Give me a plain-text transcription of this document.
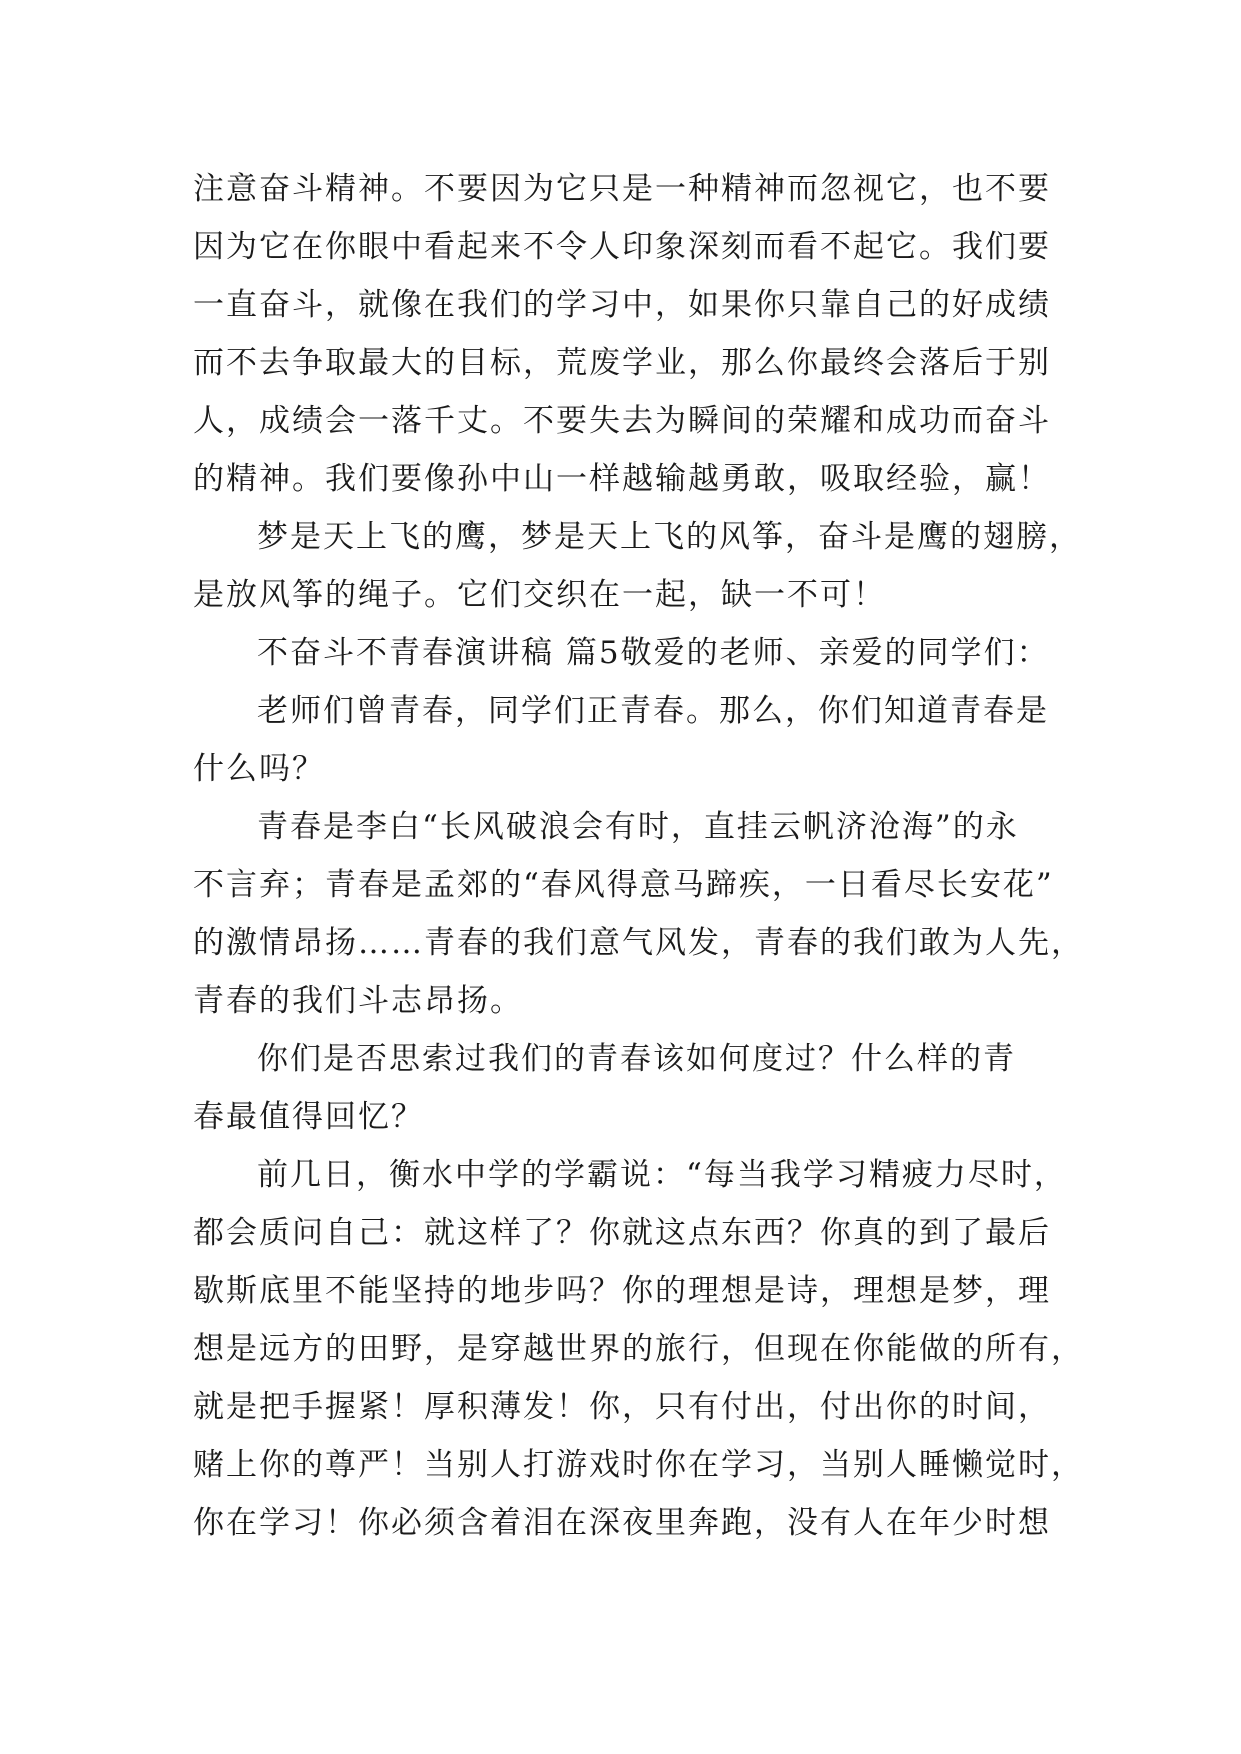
注意奋斗精神。不要因为它只是一种精神而忽视它，也不要
因为它在你眼中看起来不令人印象深刻而看不起它。我们要
一直奋斗，就像在我们的学习中，如果你只靠自己的好成绩
而不去争取最大的目标，荒废学业，那么你最终会落后于别
人，成绩会一落千丈。不要失去为瞬间的荣耀和成功而奋斗
的精神。我们要像孙中山一样越输越勇敢，吸取经验，赢！
梦是天上飞的鹰，梦是天上飞的风筝，奋斗是鹰的翅膀，
是放风筝的绳子。它们交织在一起，缺一不可！
不奋斗不青春演讲稿 篇5敬爱的老师、亲爱的同学们：
老师们曾青春，同学们正青春。那么，你们知道青春是
什么吗？
青春是李白“长风破浪会有时，直挂云帆济沧海”的永
不言弃；青春是孟郊的“春风得意马蹄疾，一日看尽长安花”
的激情昂扬……青春的我们意气风发，青春的我们敢为人先，
青春的我们斗志昂扬。
你们是否思索过我们的青春该如何度过？什么样的青
春最值得回忆？
前几日，衡水中学的学霸说：“每当我学习精疲力尽时，
都会质问自己：就这样了？你就这点东西？你真的到了最后
歇斯底里不能坚持的地步吗？你的理想是诗，理想是梦，理
想是远方的田野，是穿越世界的旅行，但现在你能做的所有，
就是把手握紧！厚积薄发！你，只有付出，付出你的时间，
赌上你的尊严！当别人打游戏时你在学习，当别人睡懒觉时，
你在学习！你必须含着泪在深夜里奔跑，没有人在年少时想
